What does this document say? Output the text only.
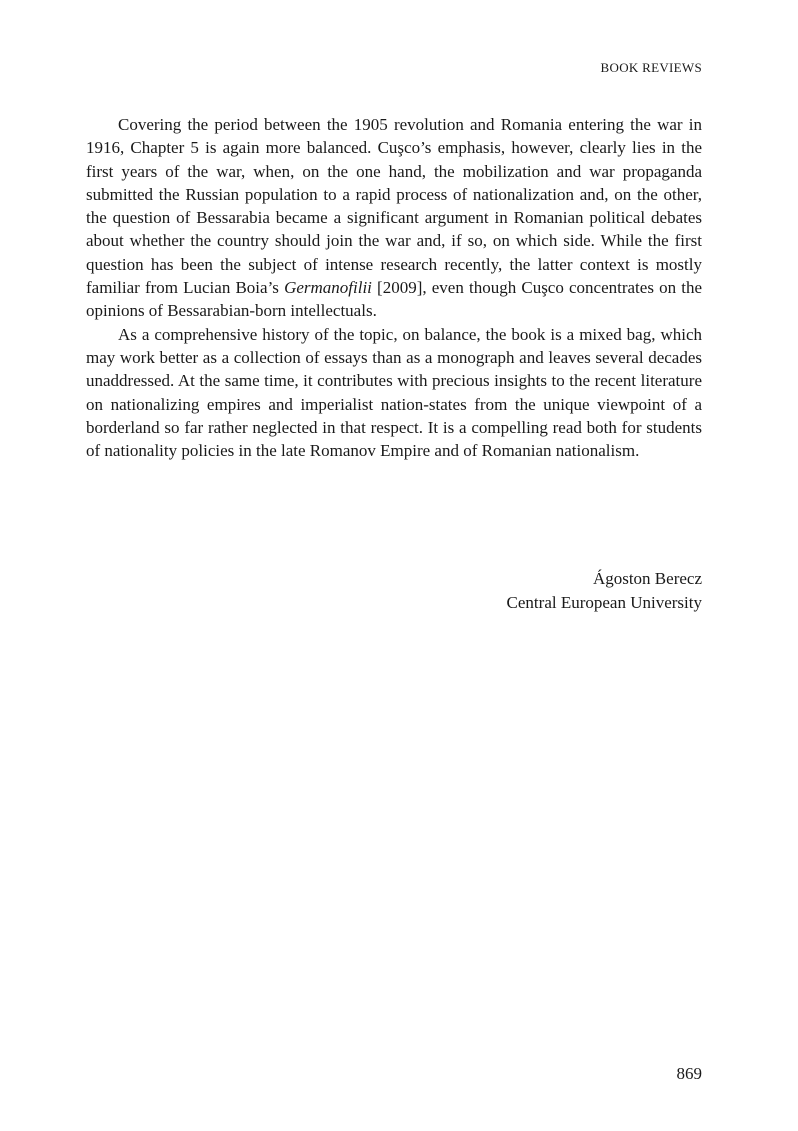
BOOK REVIEWS

Covering the period between the 1905 revolution and Romania entering the war in 1916, Chapter 5 is again more balanced. Cuşco’s emphasis, however, clearly lies in the first years of the war, when, on the one hand, the mobilization and war propaganda submitted the Russian population to a rapid process of nationalization and, on the other, the question of Bessarabia became a significant argument in Romanian political debates about whether the country should join the war and, if so, on which side. While the first question has been the subject of intense research recently, the latter context is mostly familiar from Lucian Boia’s Germanofilii [2009], even though Cuşco concentrates on the opinions of Bessarabian-born intellectuals.

As a comprehensive history of the topic, on balance, the book is a mixed bag, which may work better as a collection of essays than as a monograph and leaves several decades unaddressed. At the same time, it contributes with precious insights to the recent literature on nationalizing empires and imperialist nation-states from the unique viewpoint of a borderland so far rather neglected in that respect. It is a compelling read both for students of nationality policies in the late Romanov Empire and of Romanian nationalism.

Ágoston Berecz
Central European University
869
